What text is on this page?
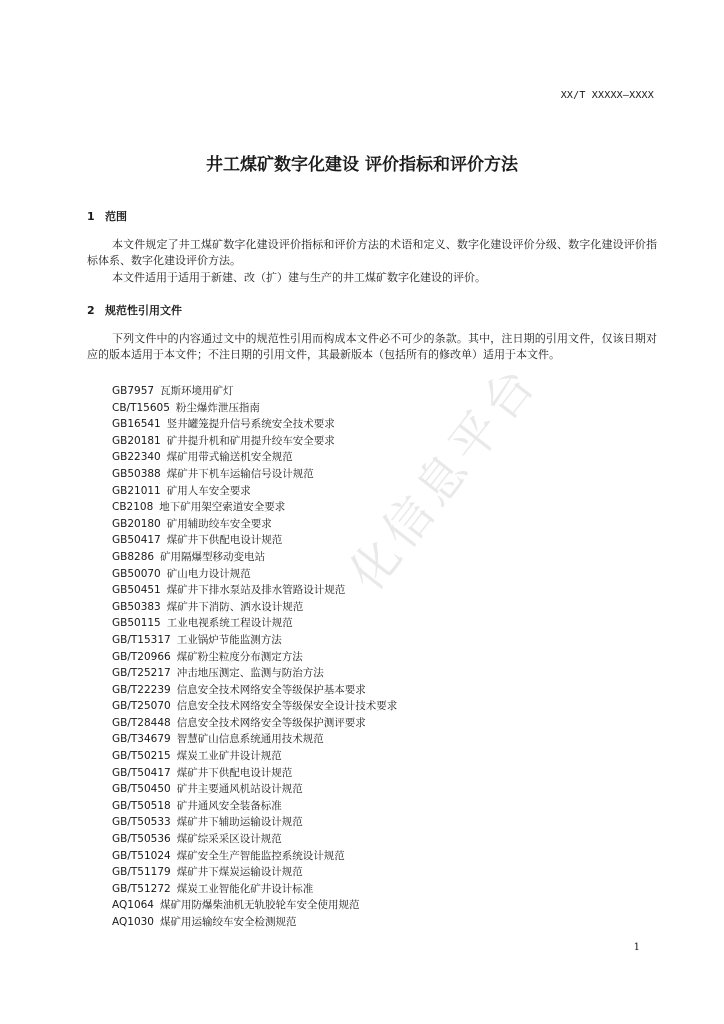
化信息平台
XX/T XXXXX—XXXX
井工煤矿数字化建设 评价指标和评价方法
1 范围

本文件规定了井工煤矿数字化建设评价指标和评价方法的术语和定义、数字化建设评价分级、数字化建设评价指标体系、数字化建设评价方法。

本文件适用于适用于新建、改（扩）建与生产的井工煤矿数字化建设的评价。

2 规范性引用文件

下列文件中的内容通过文中的规范性引用而构成本文件必不可少的条款。其中，注日期的引用文件，仅该日期对应的版本适用于本文件；不注日期的引用文件，其最新版本（包括所有的修改单）适用于本文件。

GB7957 瓦斯环境用矿灯
CB/T15605 粉尘爆炸泄压指南
GB16541 竖井罐笼提升信号系统安全技术要求
GB20181 矿井提升机和矿用提升绞车安全要求
GB22340 煤矿用带式输送机安全规范
GB50388 煤矿井下机车运输信号设计规范
GB21011 矿用人车安全要求
CB2108 地下矿用架空索道安全要求
GB20180 矿用辅助绞车安全要求
GB50417 煤矿井下供配电设计规范
GB8286 矿用隔爆型移动变电站
GB50070 矿山电力设计规范
GB50451 煤矿井下排水泵站及排水管路设计规范
GB50383 煤矿井下消防、洒水设计规范
GB50115 工业电视系统工程设计规范
GB/T15317 工业锅炉节能监测方法
GB/T20966 煤矿粉尘粒度分布测定方法
GB/T25217 冲击地压测定、监测与防治方法
GB/T22239 信息安全技术网络安全等级保护基本要求
GB/T25070 信息安全技术网络安全等级保安全设计技术要求
GB/T28448 信息安全技术网络安全等级保护测评要求
GB/T34679 智慧矿山信息系统通用技术规范
GB/T50215 煤炭工业矿井设计规范
GB/T50417 煤矿井下供配电设计规范
GB/T50450 矿井主要通风机站设计规范
GB/T50518 矿井通风安全装备标准
GB/T50533 煤矿井下辅助运输设计规范
GB/T50536 煤矿综采采区设计规范
GB/T51024 煤矿安全生产智能监控系统设计规范
GB/T51179 煤矿井下煤炭运输设计规范
GB/T51272 煤炭工业智能化矿井设计标准
AQ1064 煤矿用防爆柴油机无轨胶轮车安全使用规范
AQ1030 煤矿用运输绞车安全检测规范
1
